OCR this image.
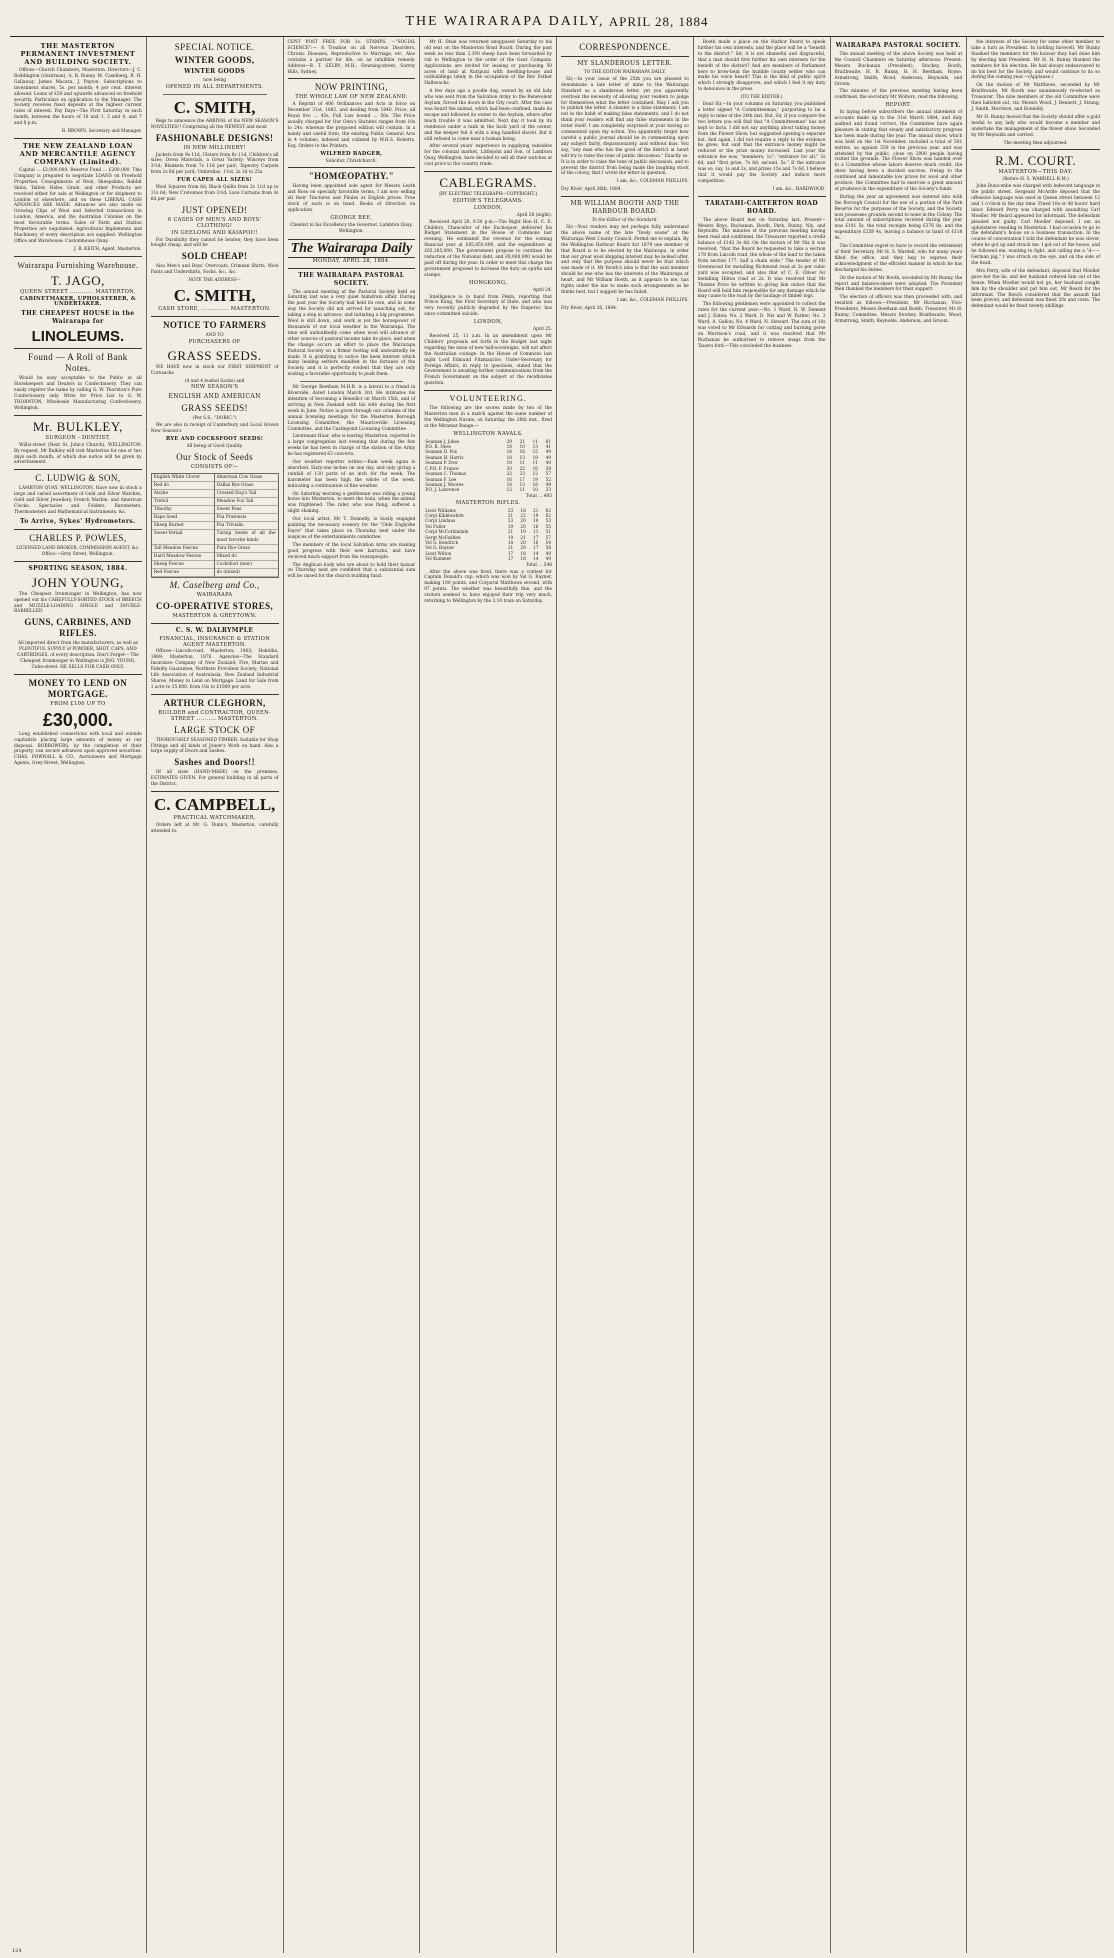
THE WAIRARAPA DAILY,
APRIL 28, 1884
THE MASTERTON PERMANENT INVESTMENT AND BUILDING SOCIETY.

Offices—Church Chambers, Masterton. Directors—J. C. Boddington (chairman), A. R. Bunny, M. Caselberg, R. H. Gallaway, James Macara, J. Payton. Subscriptions to investment shares, 5s. per month; 4 per cent. interest allowed. Loans of £50 and upwards advanced on freehold security. Particulars on application to the Manager. The Society receives fixed deposits at the highest current rates of interest. Pay Days—The First Saturday in each month, between the hours of 10 and 1, 2 and 4, and 7 and 8 p.m.

B. BROWN, Secretary and Manager.

THE NEW ZEALAND LOAN AND MERCANTILE AGENCY COMPANY (Limited).

Capital ... £2,000,000. Reserve Fund ... £200,000. This Company is prepared to negotiate LOANS on Freehold Properties. Consignments of Wool, Sheepskins, Rabbit Skins, Tallow, Hides, Grain, and other Products are received either for sale at Wellington or for shipment to London or elsewhere, and on these LIBERAL CASH ADVANCES ARE MADE. Advances are also made on Growing Clips of Wool and Selected transactions in London, America, and the Australian Colonies on the most favourable terms. Sales of Farm and Station Properties are negotiated. Agricultural Implements and Machinery of every description are supplied. Wellington Office and Warehouse: Customhouse Quay.

J. B. KEITH, Agent, Masterton.

Wairarapa Furnishing Warehouse.
T. JAGO,
QUEEN STREET ............ MASTERTON,
CABINETMAKER, UPHOLSTERER, & UNDERTAKER.
THE CHEAPEST HOUSE in the Wairarapa for
LINOLEUMS.
Found — A Roll of Bank Notes.

Would be easy acceptable to the Public at all Storekeepers and Dealers in Confectionery. They can easily register the name by calling G. W. Thornton's Pure Confectionery only. Write for Price List to G. W. THORNTON, Wholesale Manufacturing Confectionery, Wellington.

Mr. BULKLEY,
SURGEON - DENTIST,

Willis-street (Next St. John's Church), WELLINGTON. By request, Mr Bulkley will visit Masterton for one or two days each month, of which due notice will be given by advertisement.

C. LUDWIG & SON,

LAMBTON QUAY, WELLINGTON, Have now in stock a large and varied assortment of Gold and Silver Watches, Gold and Silver Jewellery, French Marble, and American Clocks, Spectacles and Folders, Barometers, Thermometers and Mathematical Instruments, &c.

To Arrive, Sykes' Hydrometers.
CHARLES P. POWLES,

LICENSED LAND BROKER, COMMISSION AGENT, &c. Office:—Grey Street, Wellington.

SPORTING SEASON, 1884.
JOHN YOUNG,

The Cheapest Ironmonger in Wellington, has now opened out his CAREFULLY-SORTED STOCK of BREECH and MUZZLE-LOADING SINGLE and DOUBLE-BARRELLED

GUNS, CARBINES, AND RIFLES.

All imported direct from the manufacturers, as well as PLENTIFUL SUPPLY of POWDER, SHOT, CAPS, AND CARTRIDGES, of every description. Don't Forget— The Cheapest Ironmonger in Wellington is JNO. YOUNG, Cuba-street. HE SELLS FOR CASH ONLY.

MONEY TO LEND ON MORTGAGE.
FROM £100 UP TO
£30,000.

Long established connections with local and outside capitalists placing large amounts of money at our disposal. BORROWERS, by the completion of their property, can secure advances upon approved securities. CHAS. POWNALL & CO., Auctioneers and Mortgage Agents, Grey-Street, Wellington.

SPECIAL NOTICE.
WINTER GOODS,
WINTER GOODS
now being
OPENED IN ALL DEPARTMENTS.
C. SMITH,

Begs to announce the ARRIVAL of his NEW SEASON'S NOVELTIES!! Comprising all the NEWEST and most

FASHIONABLE DESIGNS!
IN NEW MILLINERY!

Jackets from 9s 11d, Ulsters from 6s 11d, Children's all sizes; Dress Materials, a Great Variety; Winceys from 3½d; Blankets from 7s 11d per pair; Tapestry Carpets from 2s 6d per yard; Umbrellas, 1½d, 2s 3d to 25s.

FUR CAPES ALL SIZES!

Wool Squares from 6d, Black Quilts from 2s 11d up to 11s 6d; New Cretonnes from 3½d; Lace Curtains from 3s 6d per pair.

JUST OPENED!
6 CASES OF MEN'S AND BOYS' CLOTHING!
IN GEELONG AND KAIAPOI!!

For Durability they cannot be beaten; they have been bought cheap, and will be

SOLD CHEAP!

Also Men's and Boys' Overcoats, Crimean Shirts, Wool Pants and Undershirts, Socks, &c., &c.

NOTE THE ADDRESS—
C. SMITH,
CASH STORE, .............. MASTERTON.
NOTICE TO FARMERS
AND TO
PURCHASERS OF
GRASS SEEDS.

WE HAVE now in stock our FIRST SHIPMENT of Cornsacks

(4 and 4 bushel Sacks) and
NEW SEASON'S
ENGLISH AND AMERICAN
GRASS SEEDS!
(Per S.S., "DORIC.")

We are also in receipt of Canterbury and Local Grown New Season's

RYE AND COCKSFOOT SEEDS!
All being of Good Quality.
Our Stock of Seeds
CONSISTS OF—
English White Clover	American Cow Grass
Red do	Dallas Rye Grass
Alsyke	Crested Dog's Tail
Trefoil	Meadow Fox Tail
Timothy	Sweet Peas
Rape Seed	Poa Pratensis
Sheep Burnet	Poa Trivialis
Sweet Vernal	Turnip Seeds of all the most favorite kinds
Tall Meadow Fescue	Para Rye Grass
Hard Meadow Fescue	Mixed do
Sheep Fescue	Cocksfoot (new)
Red Fescue	do (mixed)
M. Caselberg and Co.,
WAIRARAPA
CO-OPERATIVE STORES,
MASTERTON & GREYTOWN.
C. S. W. DALRYMPLE
FINANCIAL, INSURANCE & STATION AGENT MASTERTON.

Offices—Lincoln-road, Masterton; 1863; Hokitika, 1869; Masterton, 1876. Agencies—The Standard Insurance Company of New Zealand; Fire, Marine and Fidelity Guarantee; Northern Provident Society; National Life Association of Australasia; New Zealand Industrial Shares. Money to Lend on Mortgage. Land for Sale from 1 acre to 35,000, from 10s to £1000 per acre.

ARTHUR CLEGHORN,
BUILDER and CONTRACTOR, QUEEN-STREET .......... MASTERTON.
LARGE STOCK OF

THOROUGHLY SEASONED TIMBER. Suitable for Shop Fittings and all kinds of Joiner's Work on hand. Also a large supply of Doors and Sashes.

Sashes and Doors!!

Of all sizes (HAND-MADE) on the premises. ESTIMATES GIVEN. For general building in all parts of the District.

C. CAMPBELL,
PRACTICAL WATCHMAKER,

Orders left at Mr. G. Dunn's, Masterton, carefully attended to.

CENT POST FREE FOR 1s. STAMPS. —"SOCIAL SCIENCE":— A Treatise on all Nervous Disorders, Chronic Diseases, Reproductive to Marriage, etc. Also contains a partner for life, on an infallible remedy. Address—B. T. SELBY, M.H., Downing-street, Surrey Hills, Sydney.

NOW PRINTING,
THE WHOLE LAW OF NEW ZEALAND.

A Reprint of 406 Ordinances and Acts in force on December 31st, 1883, and dealing from 1840. Price, all Royal 8vo ... 45s. Full Law bound ... 50s. The Price usually charged for Our Own's Statutes ranges from 10s to 24s; whereas the proposed edition will contain, in a handy and useful form, the existing Public General Acts in 4 volumes, indexed and collated by W.H.S. Roberts, Esq. Orders to the Printers.

WILFRED BADGER,
Solicitor, Christchurch.
"HOMŒOPATHY."

Having been appointed sole agent for Messrs Leath and Ross on specially favorable terms, I am now selling all their Tinctures and Pilules at English prices. Free stock of each is on hand. Books of Direction on application.

GEORGE BEE,

Chemist to his Excellency the Governor, Lambton Quay, Wellington.

The Wairarapa Daily
MONDAY, APRIL 28, 1884.
THE WAIRARAPA PASTORAL SOCIETY.

The annual meeting of the Pastoral Society held on Saturday last was a very quiet humdrum affair. During the past year the Society had held its own, and in some way the Society did not arrived for launching out, for taking a step in advance, and initiating a big programme. Wool is still down, and work is yet the horsepower of thousands of our local weather in the Wairarapa. The time will undoubtedly come when wool will advance or other sources of pastoral income take its place, and when the change occurs an effort to place the Wairarapa Pastoral Society on a firmer footing will undoubtedly be made. It is gratifying to notice the keen interest which many leading settlers manifest in the fortunes of the Society, and it is perfectly evident that they are only waiting a favorable opportunity to push them.

Mr George Beetham M.H.R. is a lateral to a friend in Riverside, dated London March 3rd. He intimates his intention of becoming a Benedict on March 15th, and of arriving in New Zealand with his wife during the first week in June. Notice is given through our columns of the annual licensing meetings for the Masterton Borough Licensing Committee, the Mauriceville Licensing Committee, and the Castlepoint Licensing Committee.

Lieutenant Hoar, who is leaving Masterton, reported to a large congregation last evening that during the few weeks he has been in charge of the station of the Army he has registered 63 converts.

Our weather reporter writes:—Rain week again is absorbed. Sixty-one inches on one day, and only giving a rainfall of 130 parts of an inch for the week. The barometer has been high the whole of the week, indicating a continuation of fine weather.

On Saturday morning a gentleman was riding a young horse into Masterton, to meet the train, when the animal was frightened. The rider, who was flung, suffered a slight shaking.

Our local artist, Mr T. Donnelly, is busily engaged painting the necessary scenery for the "Olde Englyshe Fayre" that takes place on Thursday next under the auspices of the entertainments committee.

The members of the local Salvation Army are making good progress with their new barracks, and have received much support from the townspeople.

The Anglican body who are about to hold their bazaar on Thursday next are confident that a substantial sum will be raised for the church building fund.

Mr H. Dixie was returned unopposed Saturday to his old seat on the Masterton Road Board. During the past week no less than 2,300 sheep have been forwarded by rail to Wellington to the order of the Gear Company. Applications are invited for leasing or purchasing 50 acres of land at Kuripuni with dwelling-house and outbuildings lately in the occupation of the Rev Father Halbwachs.

A few days ago a poodle dog, owned by an old lady who was sent from the Salvation Army to the Benevolent Asylum, forced the doors in the City court. After the case was heard the animal, which had been confined, made its escape and followed its owner to the Asylum, where after much trouble it was admitted. Next day it took by its residence under a tank in the back yard of the owner, and the keeper fed it with a long handled shovel. But it still refused to come near a human being.

After several years' experience in supplying subsidies for the colonial market, Littlejohn and Son, of Lambton Quay, Wellington, have decided to sell all their watches at cost price to the country trade.

CABLEGRAMS.
[BY ELECTRIC TELEGRAPH—COPYRIGHT.]
EDITOR'S TELEGRAMS.
LONDON,
April 26 (night).

Received April 26, 9.50 p.m.—The Right Hon H. C. E. Childers, Chancellor of the Exchequer, delivered his Budget Statement in the House of Commons last evening. He estimated the revenue for the coming financial year at £85,850,000, and the expenditure at £85,285,000. The government propose to continue the reduction of the National debt, and £8,000,000 would be paid off during the year. In order to meet this charge the government proposed to increase the duty on spirits and stamps.

HONGKONG,
April 24.

Intelligence is to hand from Pekin, reporting that Prince Kung, the First Secretary of State, and who was very recently publicly degraded by the Emperor, has since committed suicide.

LONDON,
April 25.

Received 25, 11 a.m. In an amendment upon Mr Childers' proposals set forth in the Budget last night regarding the issue of new half-sovereigns, will not affect the Australian coinage. In the House of Commons last night Lord Edmund Fitzmaurice, Under-Secretary for Foreign Affairs, in reply to questions, stated that the Government is awaiting further communications from the French Government on the subject of the recidivistes question.

VOLUNTEERING.

The following are the scores made by ten of the Masterton men in a match against the same number of the Wellington Navals, on Saturday, the 26th inst., fired at the Miramar Range:—

WELLINGTON NAVALS.
Seaman J. Jukes	29	21	11	61
P.O. R. Nees	18	10	13	41
Seaman D. Fox	18	16	15	49
Seaman H. Harris	18	13	18	49
Seaman P. Dow	18	11	11	40
C.P.O. F. France	20	22	16	58
Seaman C. Thomas	22	23	12	57
Seaman F. Lee	16	17	19	52
Seaman J. Moores	18	13	18	49
P.O. J. Lawrence	12	11	10	33
Total ... 485
MASTERTON RIFLES.
Lieut Williams	23	18	21	62
Corpl Kibblewhite	21	22	19	62
Corpl Lindaus	23	20	10	53
Vol Fuller	19	20	16	55
Corpl McCorkindale	21	19	11	51
Sergt McFadden	19	21	17	57
Vol G. Kendrick	18	20	16	54
Vol G. Rayner	21	20	17	58
Lieut Wilton	17	18	14	49
Vol Kummer	17	18	14	49
Total ... 548

After the above was fired, there was a contest for Captain Donald's cup, which was won by Vol G. Rayner, making 100 points, and Corporal Matthews second, with 97 points. The weather was beautifully fine, and the visitors seemed to have enjoyed their trip very much, returning to Wellington by the 2.10 train on Saturday.

CORRESPONDENCE.
MY SLANDEROUS LETTER.
TO THE EDITOR WAIRARAPA DAILY.

Sir,—In your issue of the 25th you are pleased to denominate a late letter of mine to the Wairarapa Standard as a slanderous letter, yet you apparently overlook the necessity of allowing your readers to judge for themselves what the letter contained. May I ask you to publish the letter. A slander is a false statement; I am not in the habit of making false statements, and I do not think your readers will find any false statements in the letter itself. I am completely surprised at your having so commented upon my action. You apparently forget how careful a public journal should be in commenting upon any subject fairly, dispassionately, and without bias. You say, "any man who has the good of the district at heart will try to raise the tone of public discussion." Exactly so. It is in order to raise the tone of public discussion, and to prevent the district from being made the laughing stock of the colony, that I wrote the letter in question.

I am, &c., COLEMAN PHILLIPS.

Dry River, April 26th, 1884.

MR WILLIAM BOOTH AND THE HARBOUR BOARD.
To the Editor of the Standard.

Sir,—Your readers may not perhaps fully understand the above name of the late "lively scene" at the Wairarapa West County Council. Permit me to explain. By the Wellington Harbour Board Act 1879 one member of that Board is to be elected by the Wairarapa, in order that our great wool shipping interest may be looked after, and only that the purpose should never be that which was made of it. Mr Booth's idea is that the said member should be one who has the interests of the Wairarapa at heart, and Mr William Booth, as it appears to me, has rights under the law to make such arrangements as he thinks best, but I suggest he has failed.

I am, &c., COLEMAN PHILLIPS.

Dry River, April 26, 1884.

Booth made a place on the Harbor Board to speak further his own interests, and the place will be a "benefit to the district." Sir, it is not shameful and disgraceful, that a man should first further his own interests for the benefit of the district? And are members of Parliament here to brow-beat the humble county settler who can make his voice heard? This is the kind of public spirit which I strongly disapprove, and which I feel it my duty to denounce in the press.

(TO THE EDITOR.)

Dear Sir,—In your columns on Saturday, you published a letter signed "A Committeeman," purporting to be a reply to mine of the 24th inst. But, Sir, if you compare the two letters you will find that "A Committeeman" has not kept to facts. I did not say anything about taking money from the Flower Show, but suggested opening a separate list. And again, I did not require a reply to the evidence he gives, but said that the entrance money might be reduced or the prize money increased. Last year the entrance fee was, "members, 1s"; "entrance for all," 2s 6d, and "first prize, 7s 6d; second, 5s." If the entrance was so, say, 1s and 2s, and prizes 15s and 7s 6d, I believe that it would pay the Society and induce more competition.

I am, &c., HARDWOOD.

TARATAHI-CARTERTON ROAD BOARD.

The above Board met on Saturday last. Present—Messrs Boys, Buchanan, Booth, Park, Bunny, Nix, and Reynolds. The minutes of the previous meeting having been read and confirmed, the Treasurer reported a credit balance of £142 3s 8d. On the motion of Mr Nix it was resolved, "that the Board be requested to take a section 178 from Lincoln road, the whole of the land to the taken from section 177, half a chain wide." The tender of Mr Greenwood for metalling Richmond road at 2s per cubic yard was accepted, and also that of C. E. Oliver for metalling Hilton road at 2s. It was resolved that Mr Thomas Price be written to giving him notice that the Board will hold him responsible for any damage which he may cause to the road by the haulage of timber logs.

The following gentlemen were appointed to collect the rates for the current year:—No. 1 Ward, R. W. Dement and J. Eaton; No. 2 Ward, D. Nix and W. Parker; No. 3 Ward, A. Gallon; No. 4 Ward, N. Stewart. The sum of 10s was voted to Mr Edwards for cutting and burning gorse on Morrison's road, and it was resolved that Mr Buchanan be authorised to remove snags from the Taueru ford.—This concluded the business.

WAIRARAPA PASTORAL SOCIETY.

The annual meeting of the above Society was held at the Council Chambers on Saturday afternoon. Present: Messrs Buchanan (President), Stockey, Booth, Braithwaite, H. B. Bunny, H. H. Beetham, Royse, Armstrong, Smith, Wood, Anderson, Reynolds, and Groom.

The minutes of the previous meeting having been confirmed, the secretary Mr Wolters, read the following

REPORT.

In laying before subscribers the annual statement of accounts made up to the 31st March 1884, and duly audited and found correct, the Committee have again pleasure in stating that steady and satisfactory progress has been made during the year. The annual show, which was held on the 1st November, included a total of 501 entries, as against 559 in the previous year, and was attended by the public, close on 2000 people having visited the grounds. The Flower Show was handed over to a Committee whose labors deserve much credit, the show having been a decided success. Owing to the continued and lamentable low prices for wool and other produce, the Committee had to exercise a great amount of prudence in the expenditure of the Society's funds.

During the year an agreement was entered into with the Borough Council for the use of a portion of the Park Reserve for the purposes of the Society, and the Society now possesses grounds second to none in the Colony. The total amount of subscriptions received during the year was £101 5s, the total receipts being £376 8s, and the expenditure £258 4s, leaving a balance in hand of £118 4s.

The Committee regret to have to record the retirement of their Secretary, Mr H. S. Wardell, who for many years filled the office, and they beg to express their acknowledgment of the efficient manner in which he has discharged his duties.

On the motion of Mr Booth, seconded by Mr Bunny, the report and balance-sheet were adopted. The President then thanked the members for their support.

The election of officers was then proceeded with, and resulted as follows:—President, Mr Buchanan; Vice-Presidents, Messrs Beetham and Booth; Treasurer, Mr H. Bunny; Committee, Messrs Stockey, Braithwaite, Wood, Armstrong, Smith, Reynolds, Anderson, and Groom.

the interests of the Society for some other member to take a turn as President. In bidding farewell, Mr Bunny thanked the members for the honour they had done him by electing him President. Mr H. H. Bunny thanked the members for his election. He had always endeavoured to do his best for the Society, and would continue to do so during the coming year.—(Applause.)

On the motion of Mr Matthews, seconded by Mr Braithwaite, Mr Booth was unanimously re-elected as Treasurer. The nine members of the old Committee were then balloted out, viz: Messrs Wood, J. Bennett, J. Strang, J. Smith, Morrison, and Donnelly.

Mr H. Bunny moved that the Society should offer a gold medal to any lady who would become a member and undertake the management of the flower show. Seconded by Mr Reynolds and carried.

The meeting then adjourned.

R.M. COURT.
MASTERTON—THIS DAY.
(Before H. S. WARDELL R.M.)

John Duncombe was charged with indecent language in the public street. Sergeant McArdle deposed that the offensive language was used in Queen street between 12 and 1 o'clock in the day time. Fined 10s or 48 hours' hard labor. Edward Perry was charged with assaulting Carl Moeller. Mr Beard appeared for informant. The defendant pleaded not guilty. Carl Moeller deposed: I am an upholsterer residing in Masterton. I had occasion to go to the defendant's house on a business transaction. In the course of conversation I told the defendant he was clever, when he got up and struck me. I got out of the house, and he followed me, wanting to fight, and calling me a "d—— German pig." I was struck on the eye, and on the side of the head.

Mrs Perry, wife of the defendant, deposed that Moeller gave her the lie, and her husband ordered him out of the house. When Moeller would not go, her husband caught him by the shoulder and put him out. Mr Beard for the informant. The Bench considered that the assault had been proved, and defendant was fined 20s and costs. The defendant would be fined twenty shillings.

124
